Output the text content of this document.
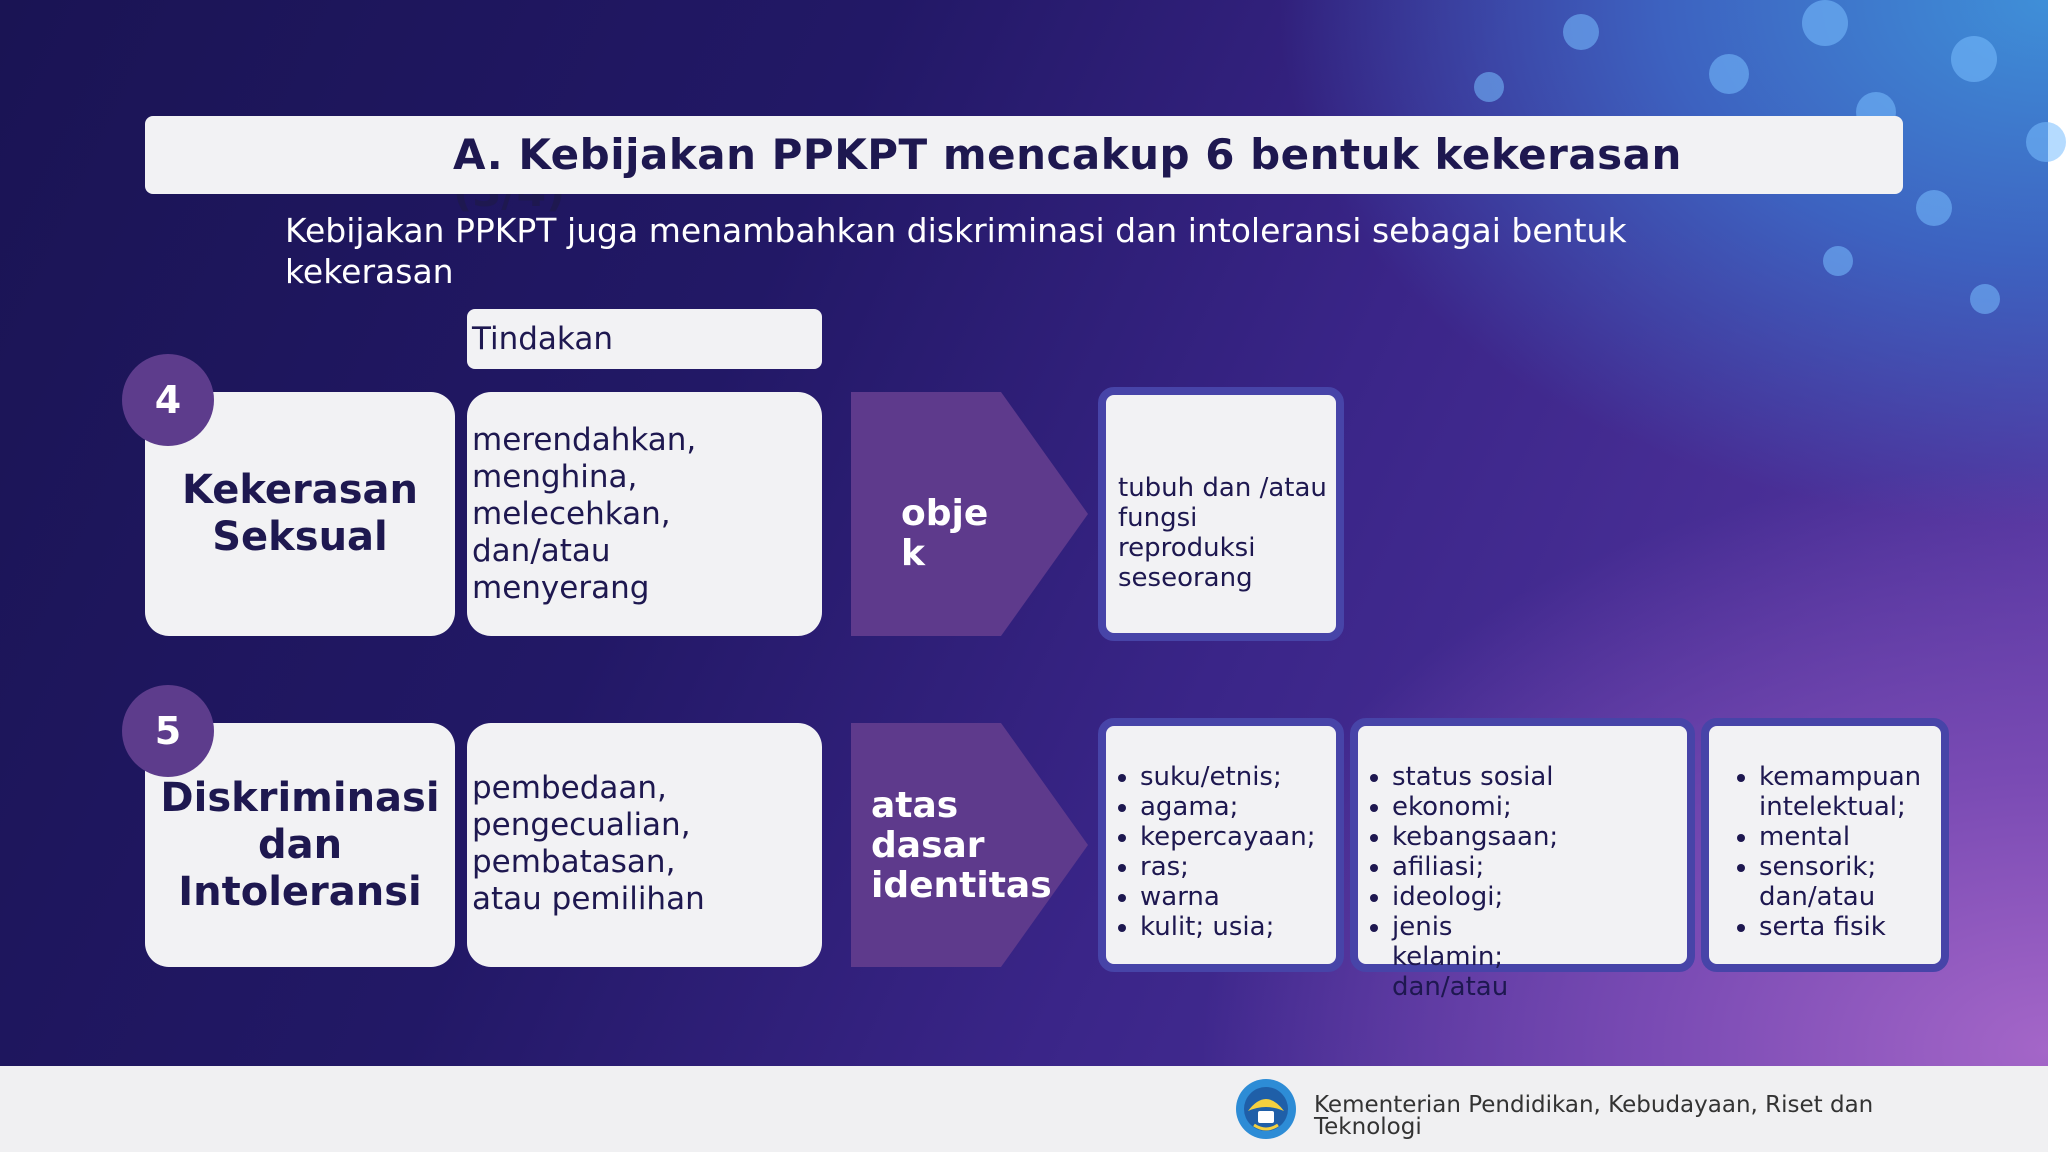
A. Kebijakan PPKPT mencakup 6 bentuk kekerasan

Kebijakan PPKPT juga menambahkan diskriminasi dan intoleransi sebagai bentuk kekerasan

Tindakan
Kekerasan
Seksual
4
merendahkan,
menghina,
melecehkan,
dan/atau
menyerang
obje
k
tubuh dan /atau fungsi reproduksi seseorang
Diskriminasi
dan
Intoleransi
5
pembedaan,
pengecualian,
pembatasan,
atau pemilihan
atas
dasar
identitas
• suku/etnis;
• agama;
• kepercayaan;
• ras;
• warna
• kulit; usia;
• status sosial
• ekonomi;
• kebangsaan;
• afiliasi;
• ideologi;
• jenis kelamin; dan/atau
• kemampuan intelektual;
• mental
• sensorik; dan/atau
• serta fisik
Kementerian Pendidikan, Kebudayaan, Riset dan Teknologi
